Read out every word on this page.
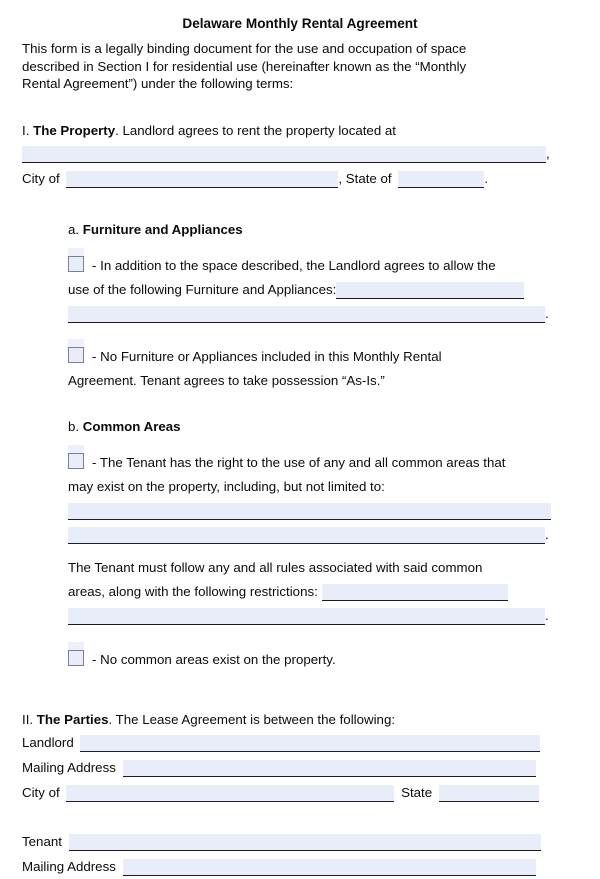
Delaware Monthly Rental Agreement
This form is a legally binding document for the use and occupation of space
described in Section I for residential use (hereinafter known as the “Monthly
Rental Agreement”) under the following terms:
I. The Property. Landlord agrees to rent the property located at
,
City of	, State of	.
a. Furniture and Appliances
- In addition to the space described, the Landlord agrees to allow the
use of the following Furniture and Appliances:
.
- No Furniture or Appliances included in this Monthly Rental
Agreement. Tenant agrees to take possession “As-Is.”
b. Common Areas
- The Tenant has the right to the use of any and all common areas that
may exist on the property, including, but not limited to:

.
The Tenant must follow any and all rules associated with said common
areas, along with the following restrictions:
.
- No common areas exist on the property.
II. The Parties. The Lease Agreement is between the following:
Landlord
Mailing Address
City of	State
Tenant
Mailing Address
